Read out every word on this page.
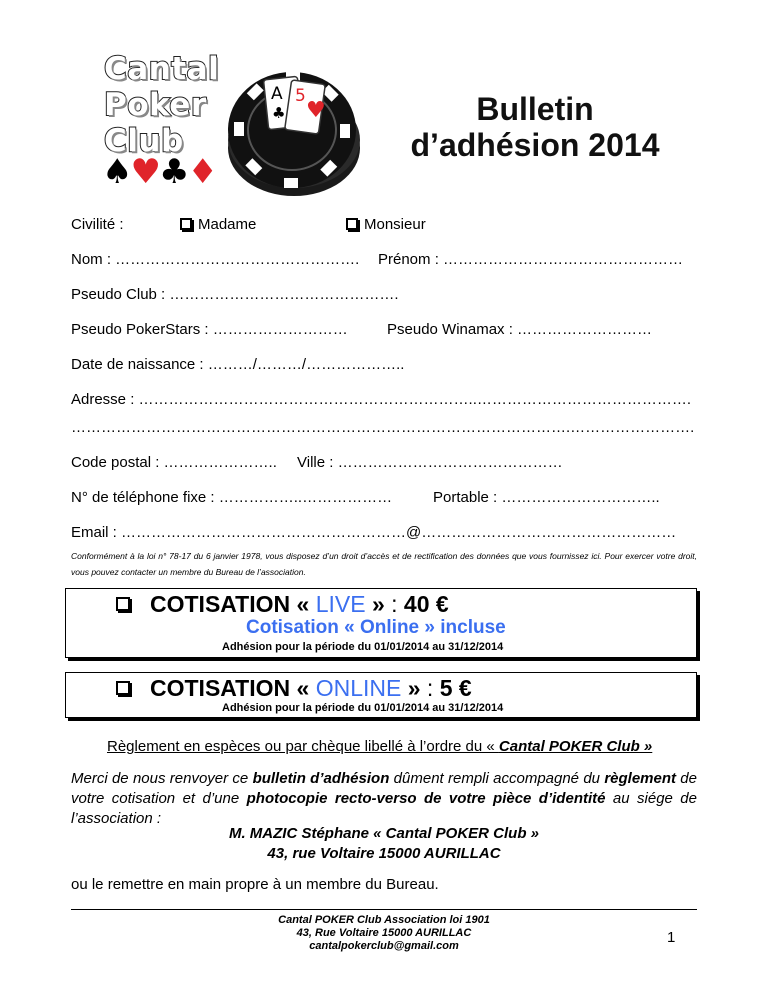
Cantal
Poker
Club
♠♥♣♦
A
♣
5
♥	Bulletin
d’adhésion 2014
Civilité :	Madame	Monsieur
Nom : …………………………………………. Prénom : …………………………………………
Pseudo Club : ……………………………………….
Pseudo PokerStars : ………………………	Pseudo Winamax : ………………………
Date de naissance : ………/………/………………..
Adresse : …………………………………………………………..…………………………………….
……………………………………………………………………………………….…………………….
Code postal : ………………….. Ville : ………………………………………
N° de téléphone fixe : ……………..………………	Portable : …………………………..
Email : …………………………………………………@……………………………………………
Conformément à la loi n° 78-17 du 6 janvier 1978, vous disposez d’un droit d’accès et de rectification des données que vous fournissez ici. Pour exercer votre droit, vous pouvez contacter un membre du Bureau de l’association.
COTISATION « LIVE » : 40 €
Cotisation « Online » incluse
Adhésion pour la période du 01/01/2014 au 31/12/2014
COTISATION « ONLINE » : 5 €
Adhésion pour la période du 01/01/2014 au 31/12/2014
Règlement en espèces ou par chèque libellé à l’ordre du « Cantal POKER Club »
Merci de nous renvoyer ce bulletin d’adhésion dûment rempli accompagné du règlement de votre cotisation et d’une photocopie recto-verso de votre pièce d’identité au siége de l’association :
M. MAZIC Stéphane « Cantal POKER Club »
43, rue Voltaire 15000 AURILLAC
ou le remettre en main propre à un membre du Bureau.
Cantal POKER Club Association loi 1901
43, Rue Voltaire 15000 AURILLAC
cantalpokerclub@gmail.com	1
